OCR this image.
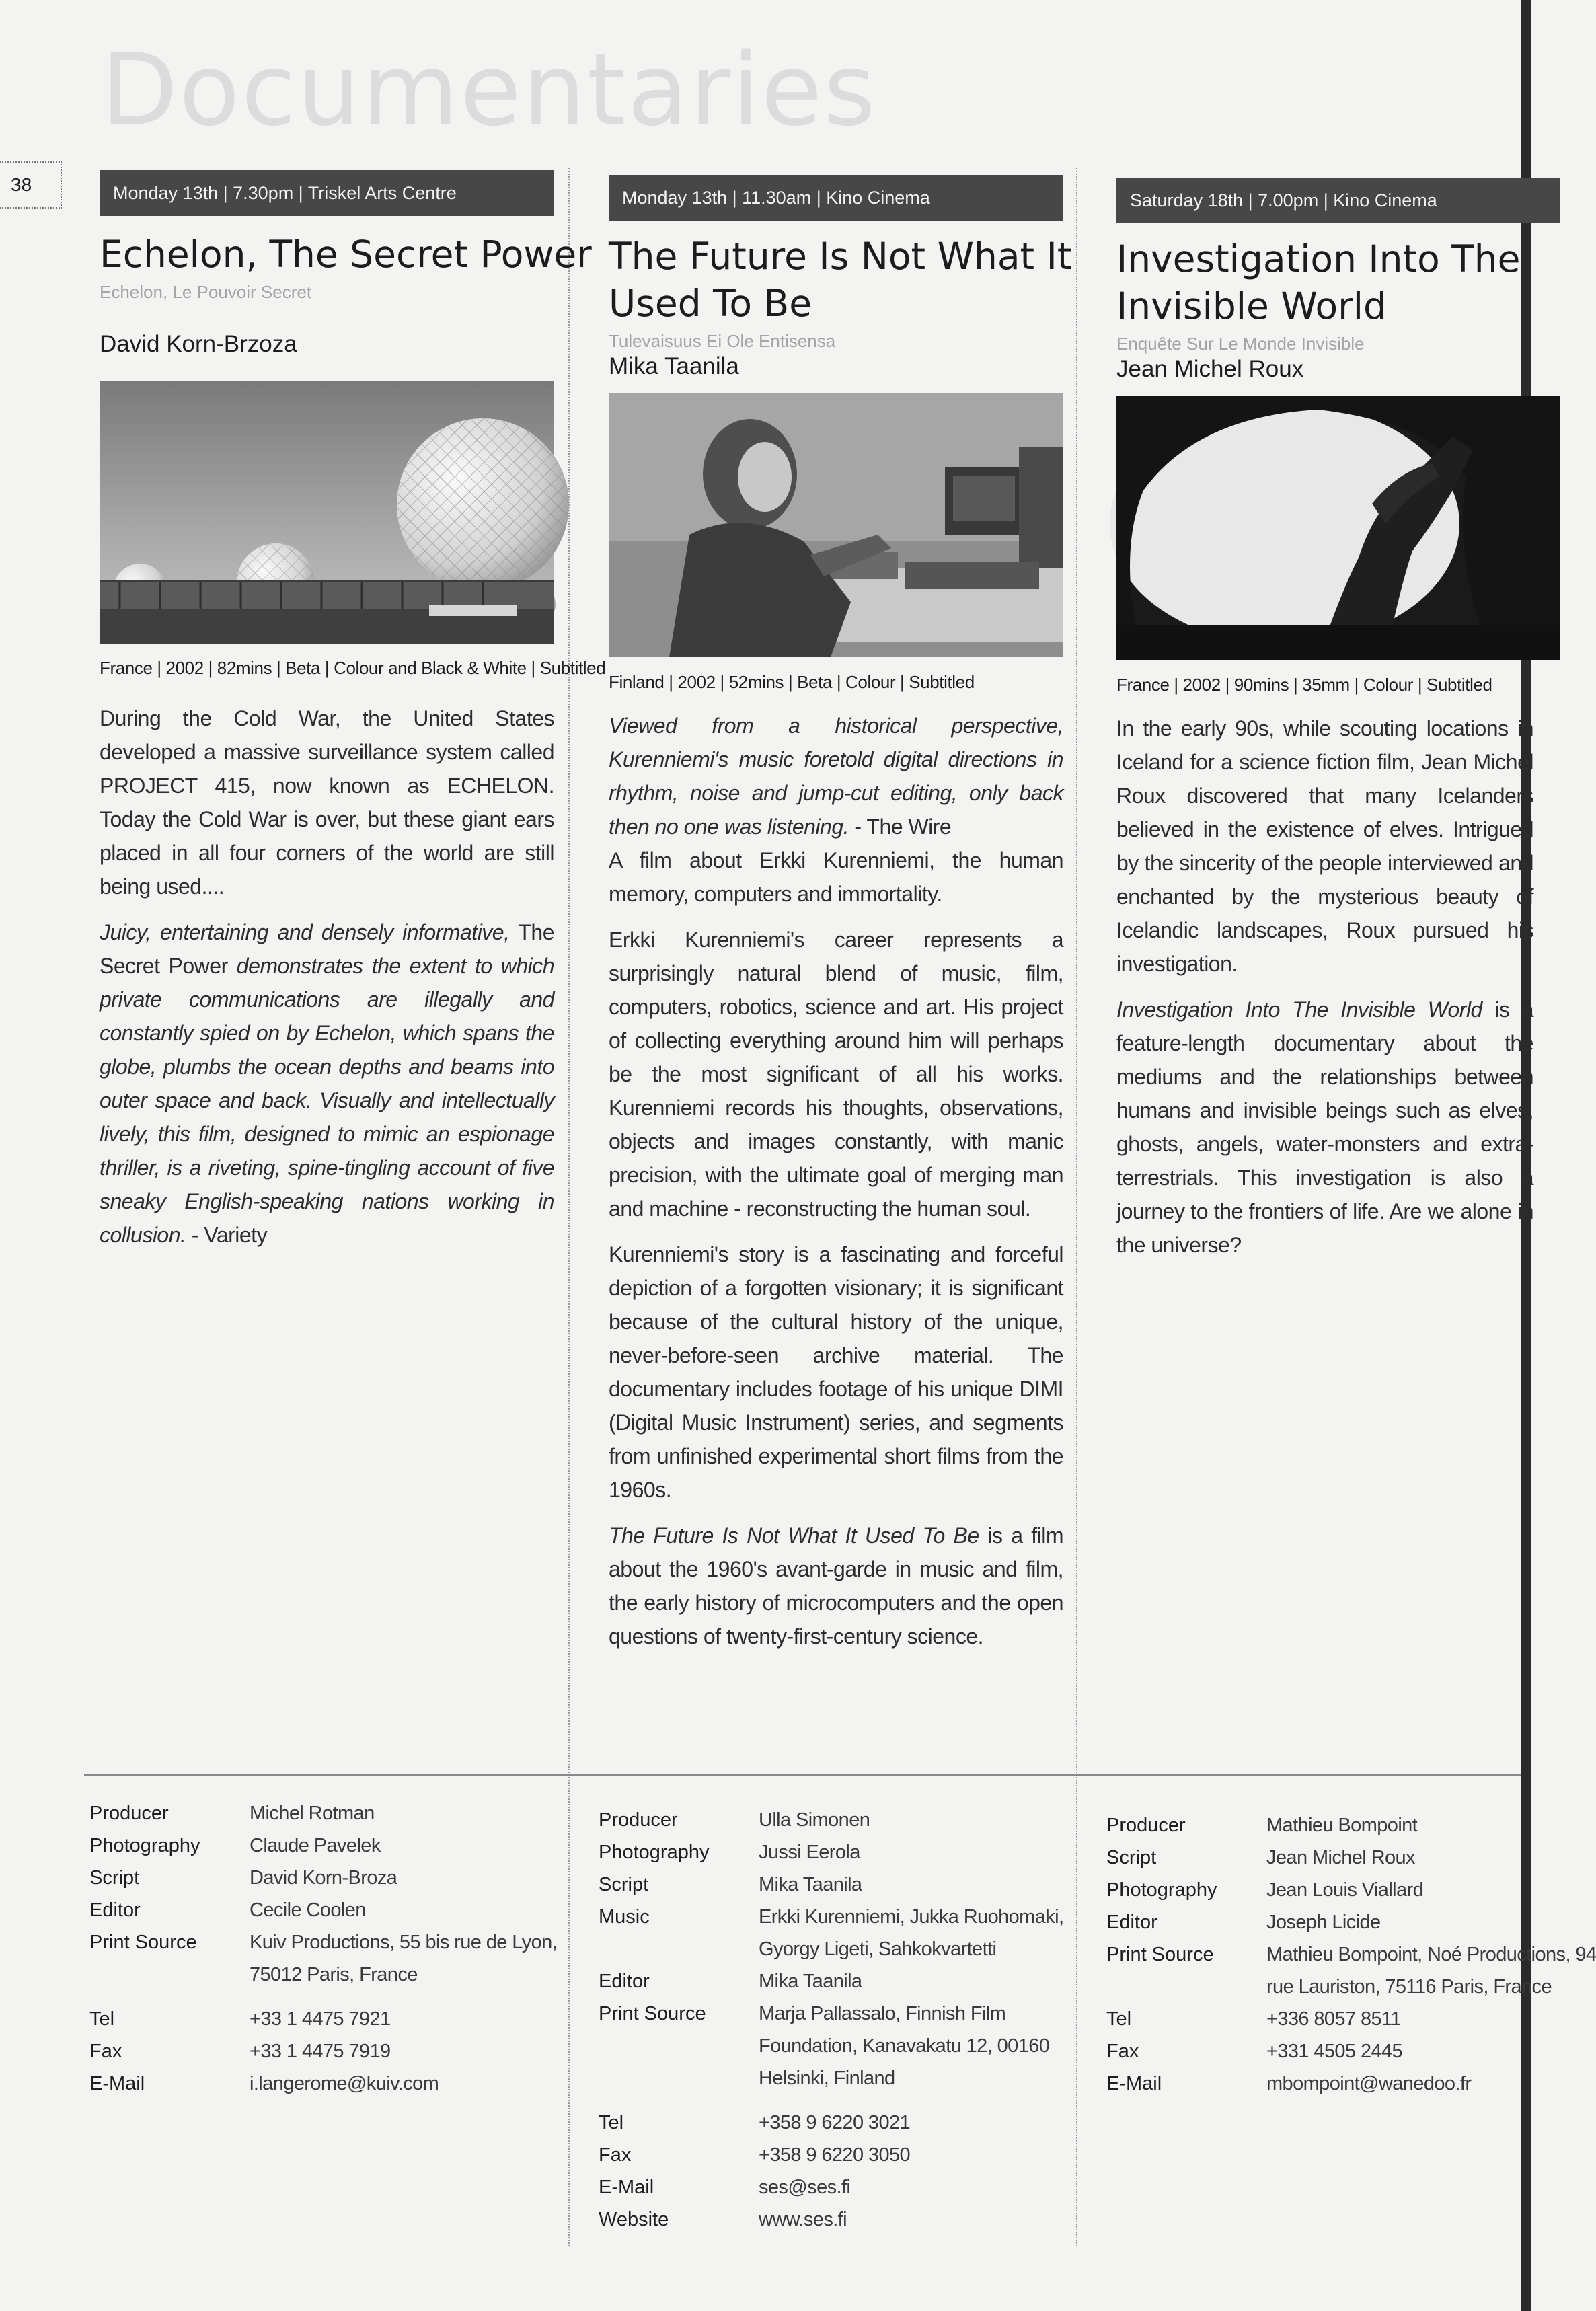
Documentaries
38	Monday 13th | 7.30pm | Triskel Arts Centre
Echelon, The Secret Power
Echelon, Le Pouvoir Secret
David Korn-Brzoza
France | 2002 | 82mins | Beta | Colour and Black & White | Subtitled

During the Cold War, the United States developed a massive surveillance system called PROJECT 415, now known as ECHELON. Today the Cold War is over, but these giant ears placed in all four corners of the world are still being used....

Juicy, entertaining and densely informative, The Secret Power demonstrates the extent to which private communications are illegally and constantly spied on by Echelon, which spans the globe, plumbs the ocean depths and beams into outer space and back. Visually and intellectually lively, this film, designed to mimic an espionage thriller, is a riveting, spine-tingling account of five sneaky English-speaking nations working in collusion. - Variety

Monday 13th | 11.30am | Kino Cinema
The Future Is Not What It
Used To Be
Tulevaisuus Ei Ole Entisensa
Mika Taanila
Finland | 2002 | 52mins | Beta | Colour | Subtitled

Viewed from a historical perspective, Kurenniemi's music foretold digital directions in rhythm, noise and jump-cut editing, only back then no one was listening. - The Wire

A film about Erkki Kurenniemi, the human memory, computers and immortality.

Erkki Kurenniemi's career represents a surprisingly natural blend of music, film, computers, robotics, science and art. His project of collecting everything around him will perhaps be the most significant of all his works. Kurenniemi records his thoughts, observations, objects and images constantly, with manic precision, with the ultimate goal of merging man and machine - reconstructing the human soul.

Kurenniemi's story is a fascinating and forceful depiction of a forgotten visionary; it is significant because of the cultural history of the unique, never-before-seen archive material. The documentary includes footage of his unique DIMI (Digital Music Instrument) series, and segments from unfinished experimental short films from the 1960s.

The Future Is Not What It Used To Be is a film about the 1960's avant-garde in music and film, the early history of microcomputers and the open questions of twenty-first-century science.

Saturday 18th | 7.00pm | Kino Cinema
Investigation Into The
Invisible World
Enquête Sur Le Monde Invisible
Jean Michel Roux
France | 2002 | 90mins | 35mm | Colour | Subtitled

In the early 90s, while scouting locations in Iceland for a science fiction film, Jean Michel Roux discovered that many Icelanders believed in the existence of elves. Intrigued by the sincerity of the people interviewed and enchanted by the mysterious beauty of Icelandic landscapes, Roux pursued his investigation.

Investigation Into The Invisible World is a feature-length documentary about the mediums and the relationships between humans and invisible beings such as elves, ghosts, angels, water-monsters and extra-terrestrials. This investigation is also a journey to the frontiers of life. Are we alone in the universe?

Producer	Michel Rotman
Photography	Claude Pavelek
Script	David Korn-Broza
Editor	Cecile Coolen
Print Source	Kuiv Productions, 55 bis rue de Lyon,
75012 Paris, France
Tel	+33 1 4475 7921
Fax	+33 1 4475 7919
E-Mail	i.langerome@kuiv.com
Producer	Ulla Simonen
Photography	Jussi Eerola
Script	Mika Taanila
Music	Erkki Kurenniemi, Jukka Ruohomaki,
Gyorgy Ligeti, Sahkokvartetti
Editor	Mika Taanila
Print Source	Marja Pallassalo, Finnish Film
Foundation, Kanavakatu 12, 00160
Helsinki, Finland
Tel	+358 9 6220 3021
Fax	+358 9 6220 3050
E-Mail	ses@ses.fi
Website	www.ses.fi
Producer	Mathieu Bompoint
Script	Jean Michel Roux
Photography	Jean Louis Viallard
Editor	Joseph Licide
Print Source	Mathieu Bompoint, Noé Productions, 94
rue Lauriston, 75116 Paris, France
Tel	+336 8057 8511
Fax	+331 4505 2445
E-Mail	mbompoint@wanedoo.fr
